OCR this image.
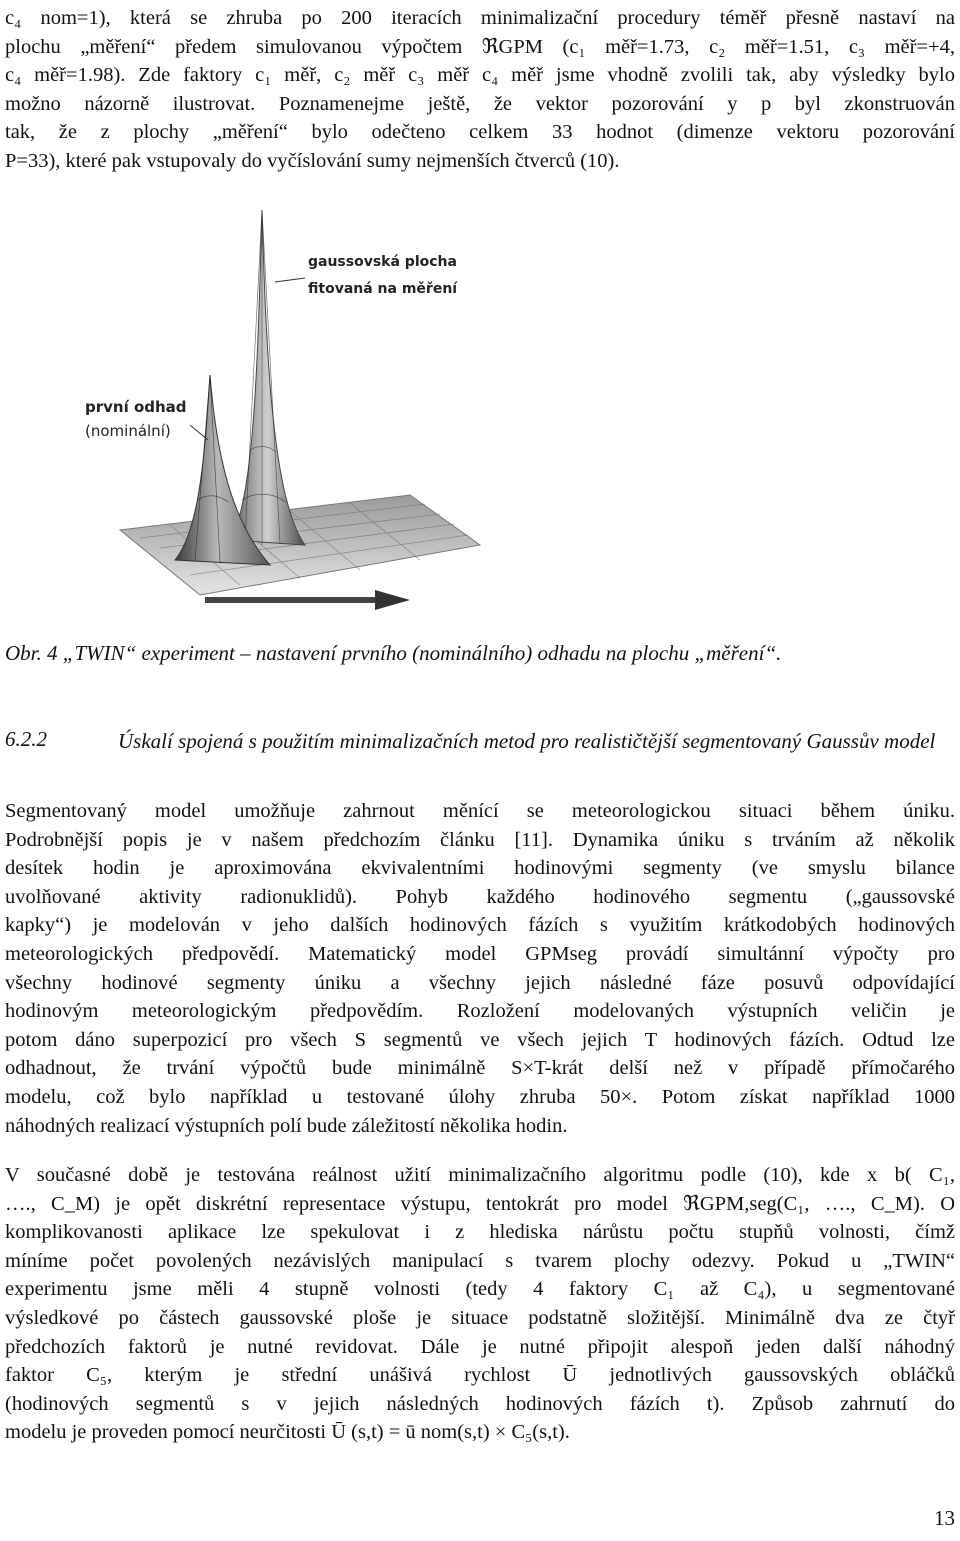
c₄ nom=1), která se zhruba po 200 iteracích minimalizační procedury téměř přesně nastaví na
plochu „měření“ předem simulovanou výpočtem ℜGPM (c₁ měř=1.73, c₂ měř=1.51, c₃ měř=+4,
c₄ měř=1.98). Zde faktory c₁ měř, c₂ měř c₃ měř c₄ měř jsme vhodně zvolili tak, aby výsledky bylo
možno názorně ilustrovat. Poznamenejme ještě, že vektor pozorování y p byl zkonstruován
tak, že z plochy „měření“ bylo odečteno celkem 33 hodnot (dimenze vektoru pozorování
P=33), které pak vstupovaly do vyčíslování sumy nejmenších čtverců (10).
gaussovská plocha
fitovaná na měření
první odhad
(nominální)

Obr. 4 „TWIN“ experiment – nastavení prvního (nominálního) odhadu na plochu „měření“.

6.2.2	Úskalí spojená s použitím minimalizačních metod pro realističtější segmentovaný Gaussův model
Segmentovaný model umožňuje zahrnout měnící se meteorologickou situaci během úniku.
Podrobnější popis je v našem předchozím článku [11]. Dynamika úniku s trváním až několik
desítek hodin je aproximována ekvivalentními hodinovými segmenty (ve smyslu bilance
uvolňované aktivity radionuklidů). Pohyb každého hodinového segmentu („gaussovské
kapky“) je modelován v jeho dalších hodinových fázích s využitím krátkodobých hodinových
meteorologických předpovědí. Matematický model GPMseg provádí simultánní výpočty pro
všechny hodinové segmenty úniku a všechny jejich následné fáze posuvů odpovídající
hodinovým meteorologickým předpovědím. Rozložení modelovaných výstupních veličin je
potom dáno superpozicí pro všech S segmentů ve všech jejich T hodinových fázích. Odtud lze
odhadnout, že trvání výpočtů bude minimálně S×T-krát delší než v případě přímočarého
modelu, což bylo například u testované úlohy zhruba 50×. Potom získat například 1000
náhodných realizací výstupních polí bude záležitostí několika hodin.
V současné době je testována reálnost užití minimalizačního algoritmu podle (10), kde x b( C₁,
…., C_M) je opět diskrétní representace výstupu, tentokrát pro model ℜGPM,seg(C₁, …., C_M). O
komplikovanosti aplikace lze spekulovat i z hlediska nárůstu počtu stupňů volnosti, čímž
míníme počet povolených nezávislých manipulací s tvarem plochy odezvy. Pokud u „TWIN“
experimentu jsme měli 4 stupně volnosti (tedy 4 faktory C₁ až C₄), u segmentované
výsledkové po částech gaussovské ploše je situace podstatně složitější. Minimálně dva ze čtyř
předchozích faktorů je nutné revidovat. Dále je nutné připojit alespoň jeden další náhodný
faktor C₅, kterým je střední unášivá rychlost Ū jednotlivých gaussovských obláčků
(hodinových segmentů s v jejich následných hodinových fázích t). Způsob zahrnutí do
modelu je proveden pomocí neurčitosti Ū (s,t) = ū nom(s,t) × C₅(s,t).
13
